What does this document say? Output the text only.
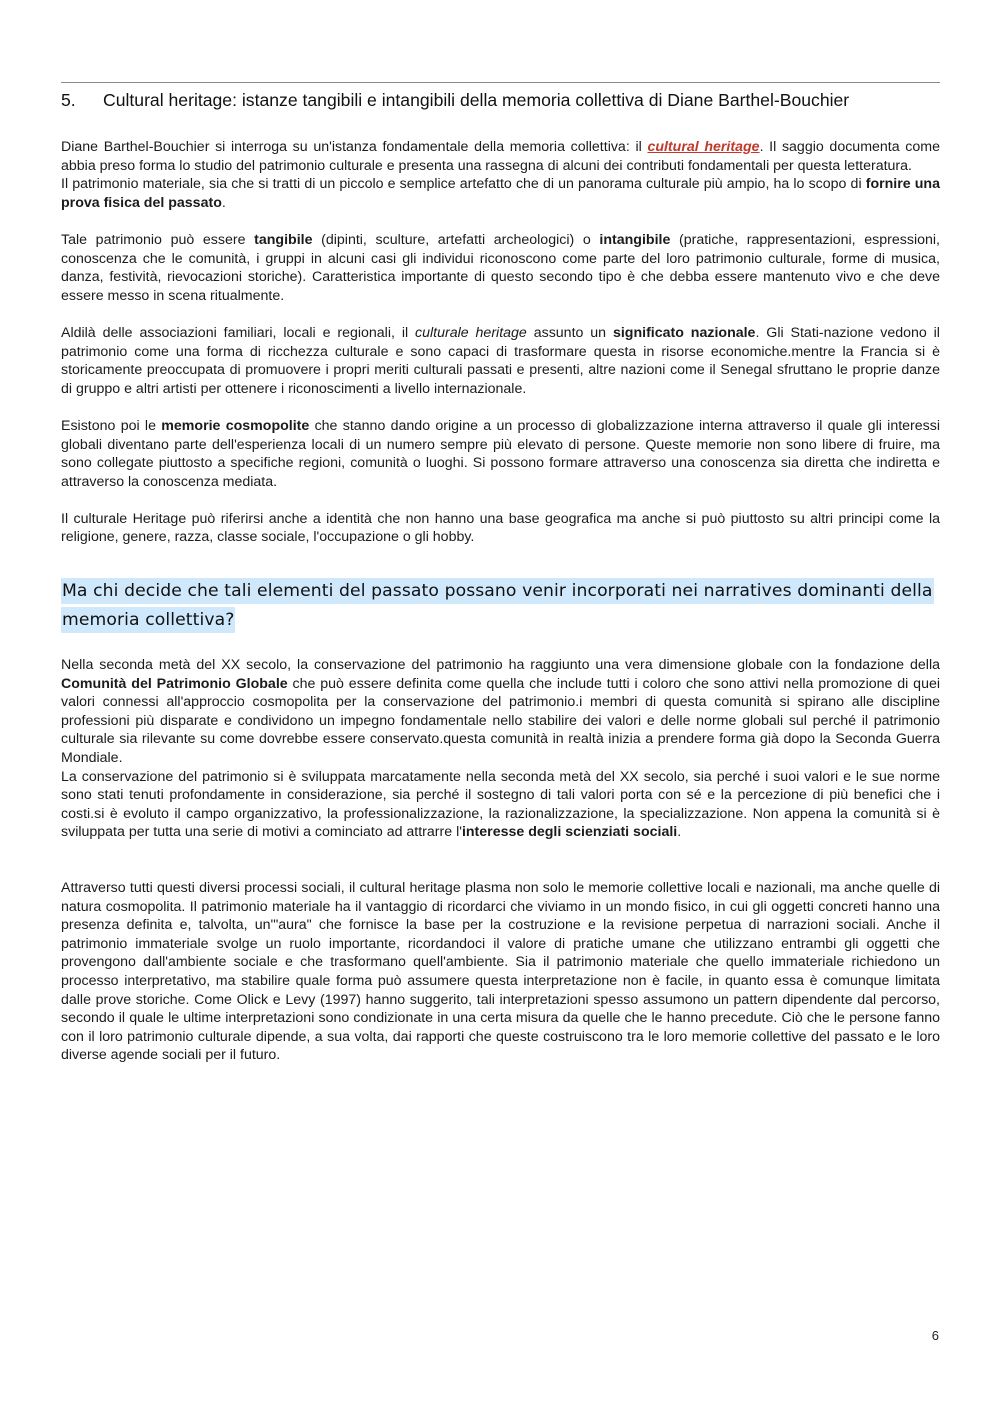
5.	Cultural heritage: istanze tangibili e intangibili della memoria collettiva di Diane Barthel-Bouchier

Diane Barthel-Bouchier si interroga su un'istanza fondamentale della memoria collettiva: il cultural heritage. Il saggio documenta come abbia preso forma lo studio del patrimonio culturale e presenta una rassegna di alcuni dei contributi fondamentali per questa letteratura.

Il patrimonio materiale, sia che si tratti di un piccolo e semplice artefatto che di un panorama culturale più ampio, ha lo scopo di fornire una prova fisica del passato.

Tale patrimonio può essere tangibile (dipinti, sculture, artefatti archeologici) o intangibile (pratiche, rappresentazioni, espressioni, conoscenza che le comunità, i gruppi in alcuni casi gli individui riconoscono come parte del loro patrimonio culturale, forme di musica, danza, festività, rievocazioni storiche). Caratteristica importante di questo secondo tipo è che debba essere mantenuto vivo e che deve essere messo in scena ritualmente.

Aldilà delle associazioni familiari, locali e regionali, il culturale heritage assunto un significato nazionale. Gli Stati-nazione vedono il patrimonio come una forma di ricchezza culturale e sono capaci di trasformare questa in risorse economiche.mentre la Francia si è storicamente preoccupata di promuovere i propri meriti culturali passati e presenti, altre nazioni come il Senegal sfruttano le proprie danze di gruppo e altri artisti per ottenere i riconoscimenti a livello internazionale.

Esistono poi le memorie cosmopolite che stanno dando origine a un processo di globalizzazione interna attraverso il quale gli interessi globali diventano parte dell'esperienza locali di un numero sempre più elevato di persone. Queste memorie non sono libere di fruire, ma sono collegate piuttosto a specifiche regioni, comunità o luoghi. Si possono formare attraverso una conoscenza sia diretta che indiretta e attraverso la conoscenza mediata.

Il culturale Heritage può riferirsi anche a identità che non hanno una base geografica ma anche si può piuttosto su altri principi come la religione, genere, razza, classe sociale, l'occupazione o gli hobby.

Ma chi decide che tali elementi del passato possano venir incorporati nei narratives dominanti della memoria collettiva?

Nella seconda metà del XX secolo, la conservazione del patrimonio ha raggiunto una vera dimensione globale con la fondazione della Comunità del Patrimonio Globale che può essere definita come quella che include tutti i coloro che sono attivi nella promozione di quei valori connessi all'approccio cosmopolita per la conservazione del patrimonio.i membri di questa comunità si spirano alle discipline professioni più disparate e condividono un impegno fondamentale nello stabilire dei valori e delle norme globali sul perché il patrimonio culturale sia rilevante su come dovrebbe essere conservato.questa comunità in realtà inizia a prendere forma già dopo la Seconda Guerra Mondiale.

La conservazione del patrimonio si è sviluppata marcatamente nella seconda metà del XX secolo, sia perché i suoi valori e le sue norme sono stati tenuti profondamente in considerazione, sia perché il sostegno di tali valori porta con sé e la percezione di più benefici che i costi.si è evoluto il campo organizzativo, la professionalizzazione, la razionalizzazione, la specializzazione. Non appena la comunità si è sviluppata per tutta una serie di motivi a cominciato ad attrarre l'interesse degli scienziati sociali.

Attraverso tutti questi diversi processi sociali, il cultural heritage plasma non solo le memorie collettive locali e nazionali, ma anche quelle di natura cosmopolita. Il patrimonio materiale ha il vantaggio di ricordarci che viviamo in un mondo fisico, in cui gli oggetti concreti hanno una presenza definita e, talvolta, un'"aura" che fornisce la base per la costruzione e la revisione perpetua di narrazioni sociali. Anche il patrimonio immateriale svolge un ruolo importante, ricordandoci il valore di pratiche umane che utilizzano entrambi gli oggetti che provengono dall'ambiente sociale e che trasformano quell'ambiente. Sia il patrimonio materiale che quello immateriale richiedono un processo interpretativo, ma stabilire quale forma può assumere questa interpretazione non è facile, in quanto essa è comunque limitata dalle prove storiche. Come Olick e Levy (1997) hanno suggerito, tali interpretazioni spesso assumono un pattern dipendente dal percorso, secondo il quale le ultime interpretazioni sono condizionate in una certa misura da quelle che le hanno precedute. Ciò che le persone fanno con il loro patrimonio culturale dipende, a sua volta, dai rapporti che queste costruiscono tra le loro memorie collettive del passato e le loro diverse agende sociali per il futuro.

6
